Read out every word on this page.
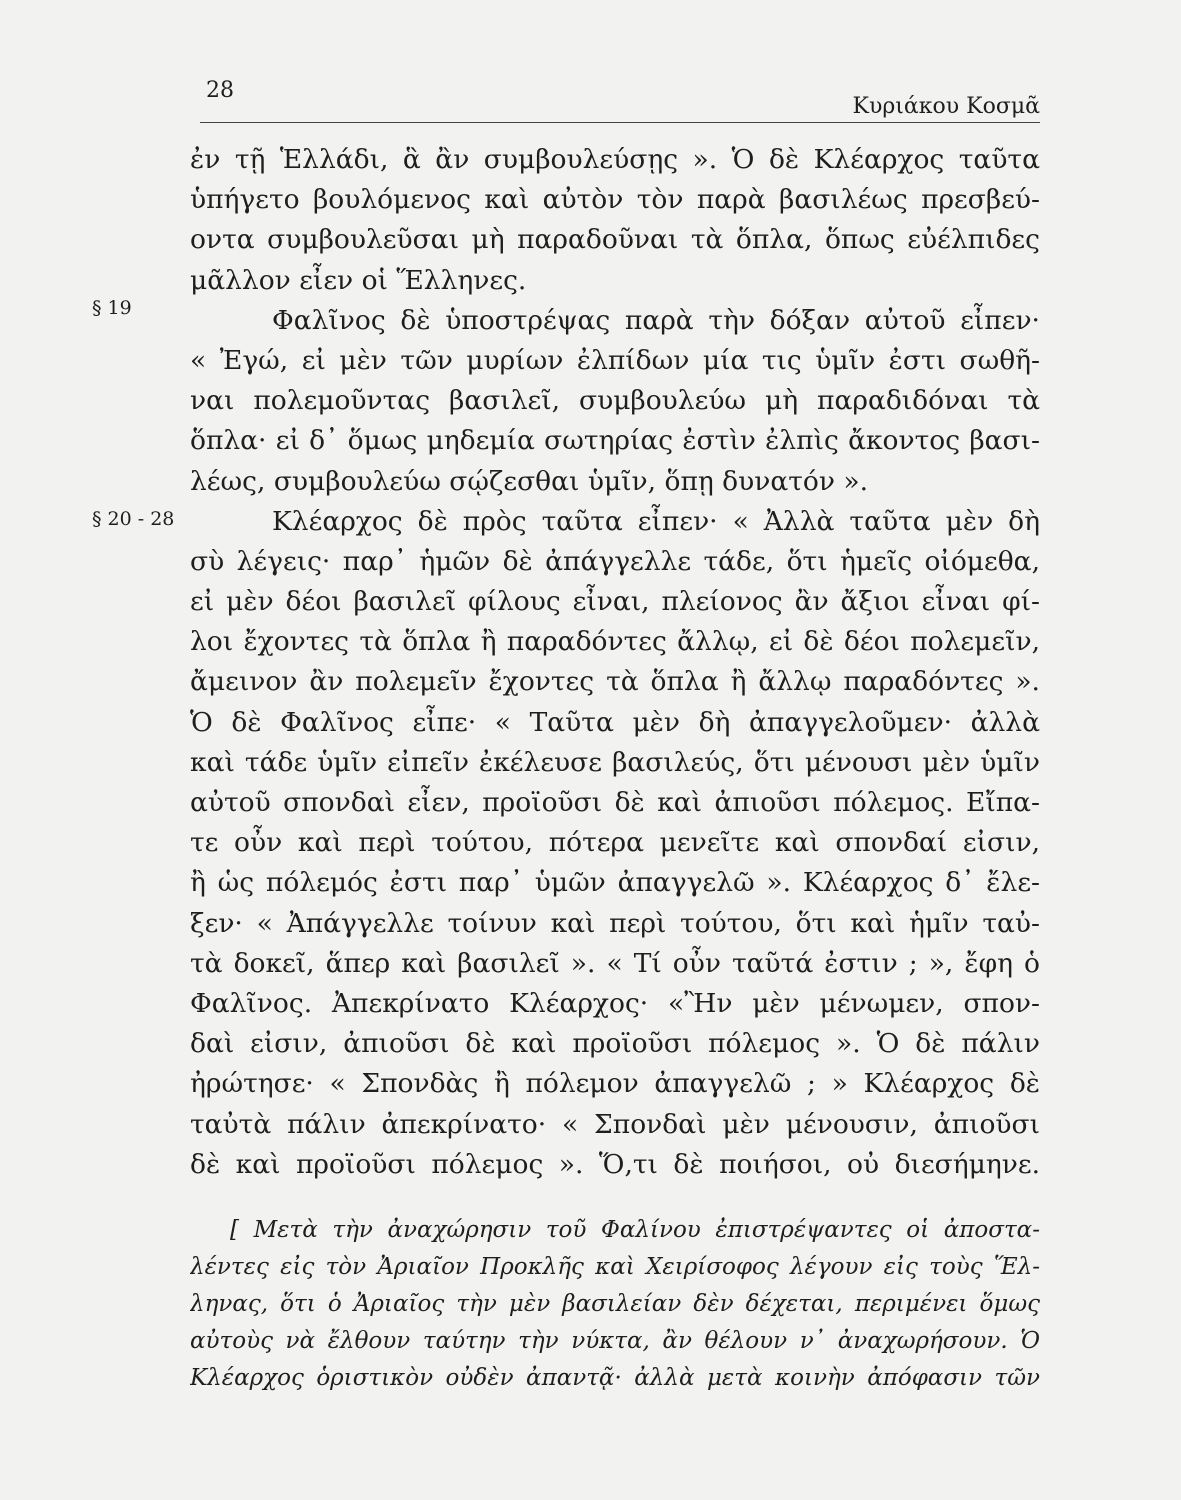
28
Κυριάκου Κοσμᾶ
§ 19
§ 20 - 28
ἐν τῇ Ἑλλάδι, ἃ ἂν συμβουλεύσῃς ». Ὁ δὲ Κλέαρχος ταῦτα
ὑπήγετο βουλόμενος καὶ αὐτὸν τὸν παρὰ βασιλέως πρεσβεύ-
οντα συμβουλεῦσαι μὴ παραδοῦναι τὰ ὅπλα, ὅπως εὐέλπιδες
μᾶλλον εἶεν οἱ Ἕλληνες.
Φαλῖνος δὲ ὑποστρέψας παρὰ τὴν δόξαν αὐτοῦ εἶπεν·
« Ἐγώ, εἰ μὲν τῶν μυρίων ἐλπίδων μία τις ὑμῖν ἐστι σωθῆ-
ναι πολεμοῦντας βασιλεῖ, συμβουλεύω μὴ παραδιδόναι τὰ
ὅπλα· εἰ δ᾽ ὅμως μηδεμία σωτηρίας ἐστὶν ἐλπὶς ἄκοντος βασι-
λέως, συμβουλεύω σῴζεσθαι ὑμῖν, ὅπῃ δυνατόν ».
Κλέαρχος δὲ πρὸς ταῦτα εἶπεν· « Ἀλλὰ ταῦτα μὲν δὴ
σὺ λέγεις· παρ᾽ ἡμῶν δὲ ἀπάγγελλε τάδε, ὅτι ἡμεῖς οἰόμεθα,
εἰ μὲν δέοι βασιλεῖ φίλους εἶναι, πλείονος ἂν ἄξιοι εἶναι φί-
λοι ἔχοντες τὰ ὅπλα ἢ παραδόντες ἄλλῳ, εἰ δὲ δέοι πολεμεῖν,
ἄμεινον ἂν πολεμεῖν ἔχοντες τὰ ὅπλα ἢ ἄλλῳ παραδόντες ».
Ὁ δὲ Φαλῖνος εἶπε· « Ταῦτα μὲν δὴ ἀπαγγελοῦμεν· ἀλλὰ
καὶ τάδε ὑμῖν εἰπεῖν ἐκέλευσε βασιλεύς, ὅτι μένουσι μὲν ὑμῖν
αὐτοῦ σπονδαὶ εἶεν, προϊοῦσι δὲ καὶ ἀπιοῦσι πόλεμος. Εἴπα-
τε οὖν καὶ περὶ τούτου, πότερα μενεῖτε καὶ σπονδαί εἰσιν,
ἢ ὡς πόλεμός ἐστι παρ᾽ ὑμῶν ἀπαγγελῶ ». Κλέαρχος δ᾽ ἔλε-
ξεν· « Ἀπάγγελλε τοίνυν καὶ περὶ τούτου, ὅτι καὶ ἡμῖν ταὐ-
τὰ δοκεῖ, ἅπερ καὶ βασιλεῖ ». « Τί οὖν ταῦτά ἐστιν ; », ἔφη ὁ
Φαλῖνος. Ἀπεκρίνατο Κλέαρχος· «Ἢν μὲν μένωμεν, σπον-
δαὶ εἰσιν, ἀπιοῦσι δὲ καὶ προϊοῦσι πόλεμος ». Ὁ δὲ πάλιν
ἠρώτησε· « Σπονδὰς ἢ πόλεμον ἀπαγγελῶ ; » Κλέαρχος δὲ
ταὐτὰ πάλιν ἀπεκρίνατο· « Σπονδαὶ μὲν μένουσιν, ἀπιοῦσι
δὲ καὶ προϊοῦσι πόλεμος ». Ὅ,τι δὲ ποιήσοι, οὐ διεσήμηνε.
[ Μετὰ τὴν ἀναχώρησιν τοῦ Φαλίνου ἐπιστρέψαντες οἱ ἀποστα-
λέντες εἰς τὸν Ἀριαῖον Προκλῆς καὶ Χειρίσοφος λέγουν εἰς τοὺς Ἕλ-
ληνας, ὅτι ὁ Ἀριαῖος τὴν μὲν βασιλείαν δὲν δέχεται, περιμένει ὅμως
αὐτοὺς νὰ ἔλθουν ταύτην τὴν νύκτα, ἂν θέλουν ν᾽ ἀναχωρήσουν. Ὁ
Κλέαρχος ὁριστικὸν οὐδὲν ἀπαντᾷ· ἀλλὰ μετὰ κοινὴν ἀπόφασιν τῶν
